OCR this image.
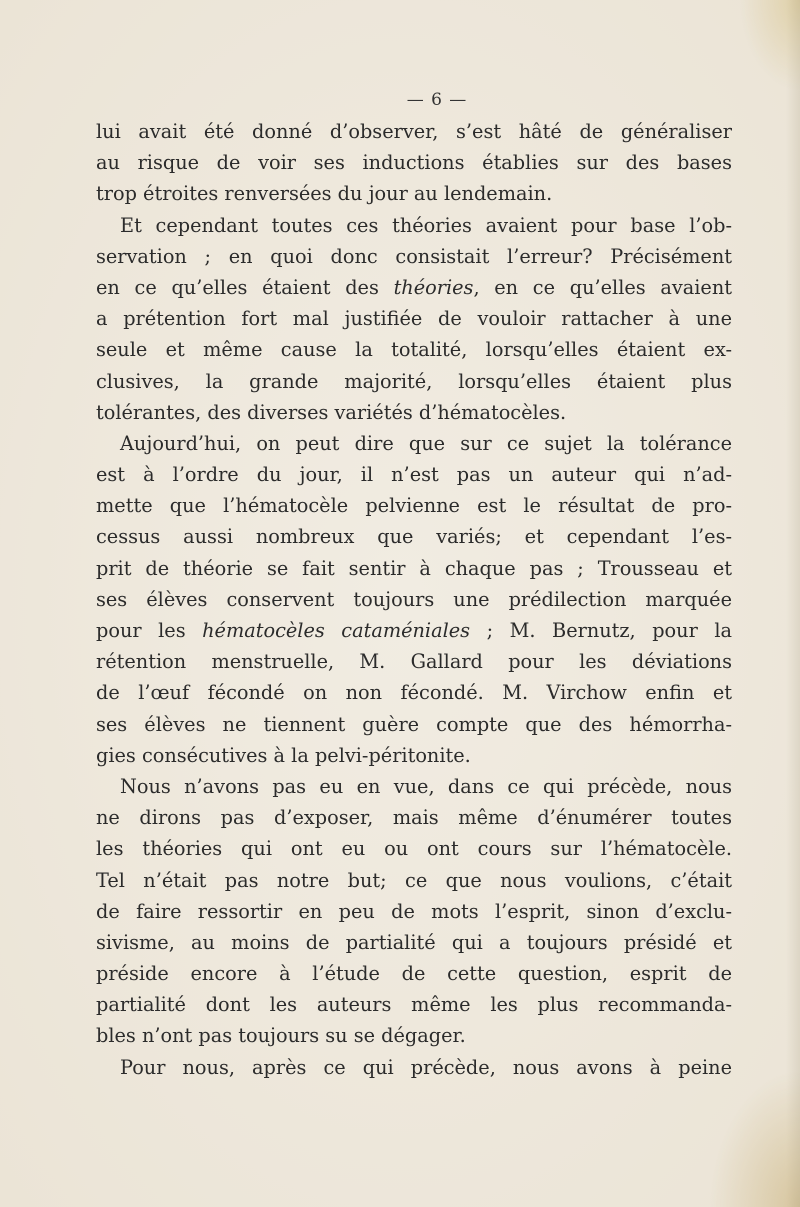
— 6 —
lui avait été donné d’observer, s’est hâté de généraliser
au risque de voir ses inductions établies sur des bases
trop étroites renversées du jour au lendemain.
Et cependant toutes ces théories avaient pour base l’ob-
servation ; en quoi donc consistait l’erreur? Précisément
en ce qu’elles étaient des théories, en ce qu’elles avaient
a prétention fort mal justifiée de vouloir rattacher à une
seule et même cause la totalité, lorsqu’elles étaient ex-
clusives, la grande majorité, lorsqu’elles étaient plus
tolérantes, des diverses variétés d’hématocèles.
Aujourd’hui, on peut dire que sur ce sujet la tolérance
est à l’ordre du jour, il n’est pas un auteur qui n’ad-
mette que l’hématocèle pelvienne est le résultat de pro-
cessus aussi nombreux que variés; et cependant l’es-
prit de théorie se fait sentir à chaque pas ; Trousseau et
ses élèves conservent toujours une prédilection marquée
pour les hématocèles cataméniales ; M. Bernutz, pour la
rétention menstruelle, M. Gallard pour les déviations
de l’œuf fécondé on non fécondé. M. Virchow enfin et
ses élèves ne tiennent guère compte que des hémorrha-
gies consécutives à la pelvi-péritonite.
Nous n’avons pas eu en vue, dans ce qui précède, nous
ne dirons pas d’exposer, mais même d’énumérer toutes
les théories qui ont eu ou ont cours sur l’hématocèle.
Tel n’était pas notre but; ce que nous voulions, c’était
de faire ressortir en peu de mots l’esprit, sinon d’exclu-
sivisme, au moins de partialité qui a toujours présidé et
préside encore à l’étude de cette question, esprit de
partialité dont les auteurs même les plus recommanda-
bles n’ont pas toujours su se dégager.
Pour nous, après ce qui précède, nous avons à peine
